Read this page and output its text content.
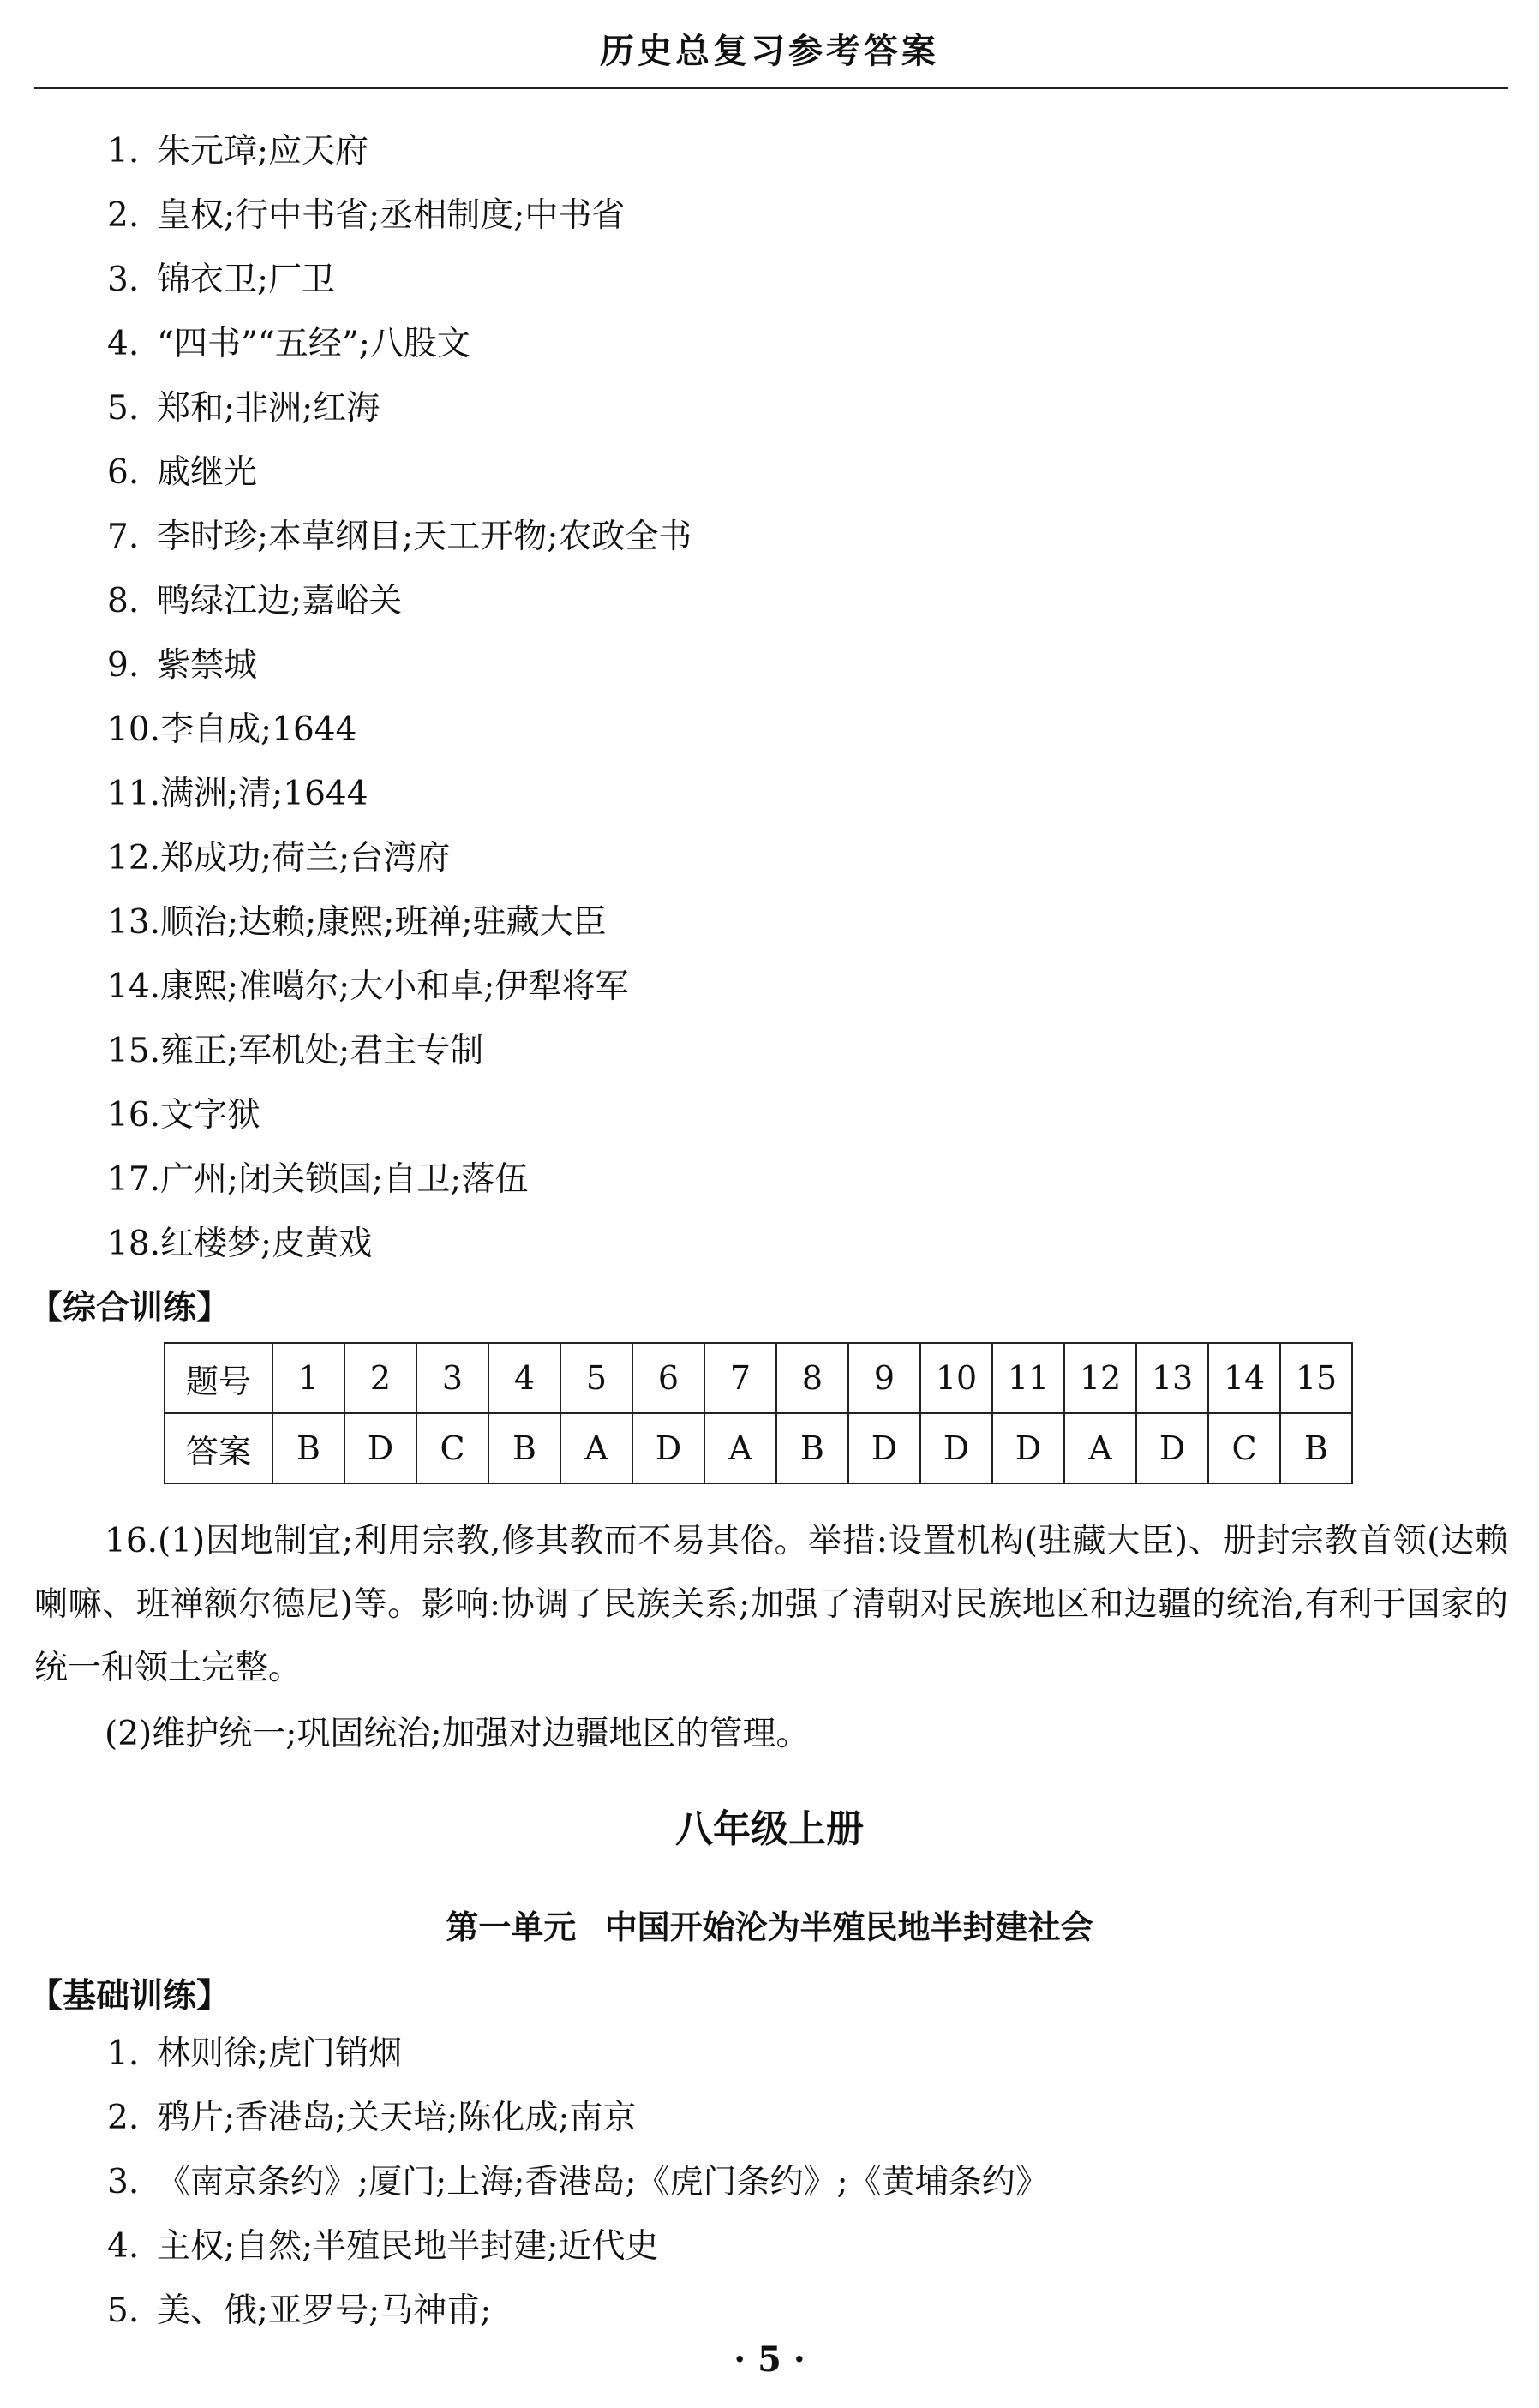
历史总复习参考答案
1. 朱元璋;应天府
2. 皇权;行中书省;丞相制度;中书省
3. 锦衣卫;厂卫
4. “四书”“五经”;八股文
5. 郑和;非洲;红海
6. 戚继光
7. 李时珍;本草纲目;天工开物;农政全书
8. 鸭绿江边;嘉峪关
9. 紫禁城
10.李自成;1644
11.满洲;清;1644
12.郑成功;荷兰;台湾府
13.顺治;达赖;康熙;班禅;驻藏大臣
14.康熙;准噶尔;大小和卓;伊犁将军
15.雍正;军机处;君主专制
16.文字狱
17.广州;闭关锁国;自卫;落伍
18.红楼梦;皮黄戏
【综合训练】
题号	1	2	3	4	5	6	7	8	9	10	11	12	13	14	15
答案	B	D	C	B	A	D	A	B	D	D	D	A	D	C	B
16.(1)因地制宜;利用宗教,修其教而不易其俗。举措:设置机构(驻藏大臣)、册封宗教首领(达赖喇嘛、班禅额尔德尼)等。影响:协调了民族关系;加强了清朝对民族地区和边疆的统治,有利于国家的统一和领土完整。
(2)维护统一;巩固统治;加强对边疆地区的管理。
八年级上册
第一单元 中国开始沦为半殖民地半封建社会
【基础训练】
1. 林则徐;虎门销烟
2. 鸦片;香港岛;关天培;陈化成;南京
3. 《南京条约》;厦门;上海;香港岛;《虎门条约》;《黄埔条约》
4. 主权;自然;半殖民地半封建;近代史
5. 美、俄;亚罗号;马神甫;
· 5 ·
